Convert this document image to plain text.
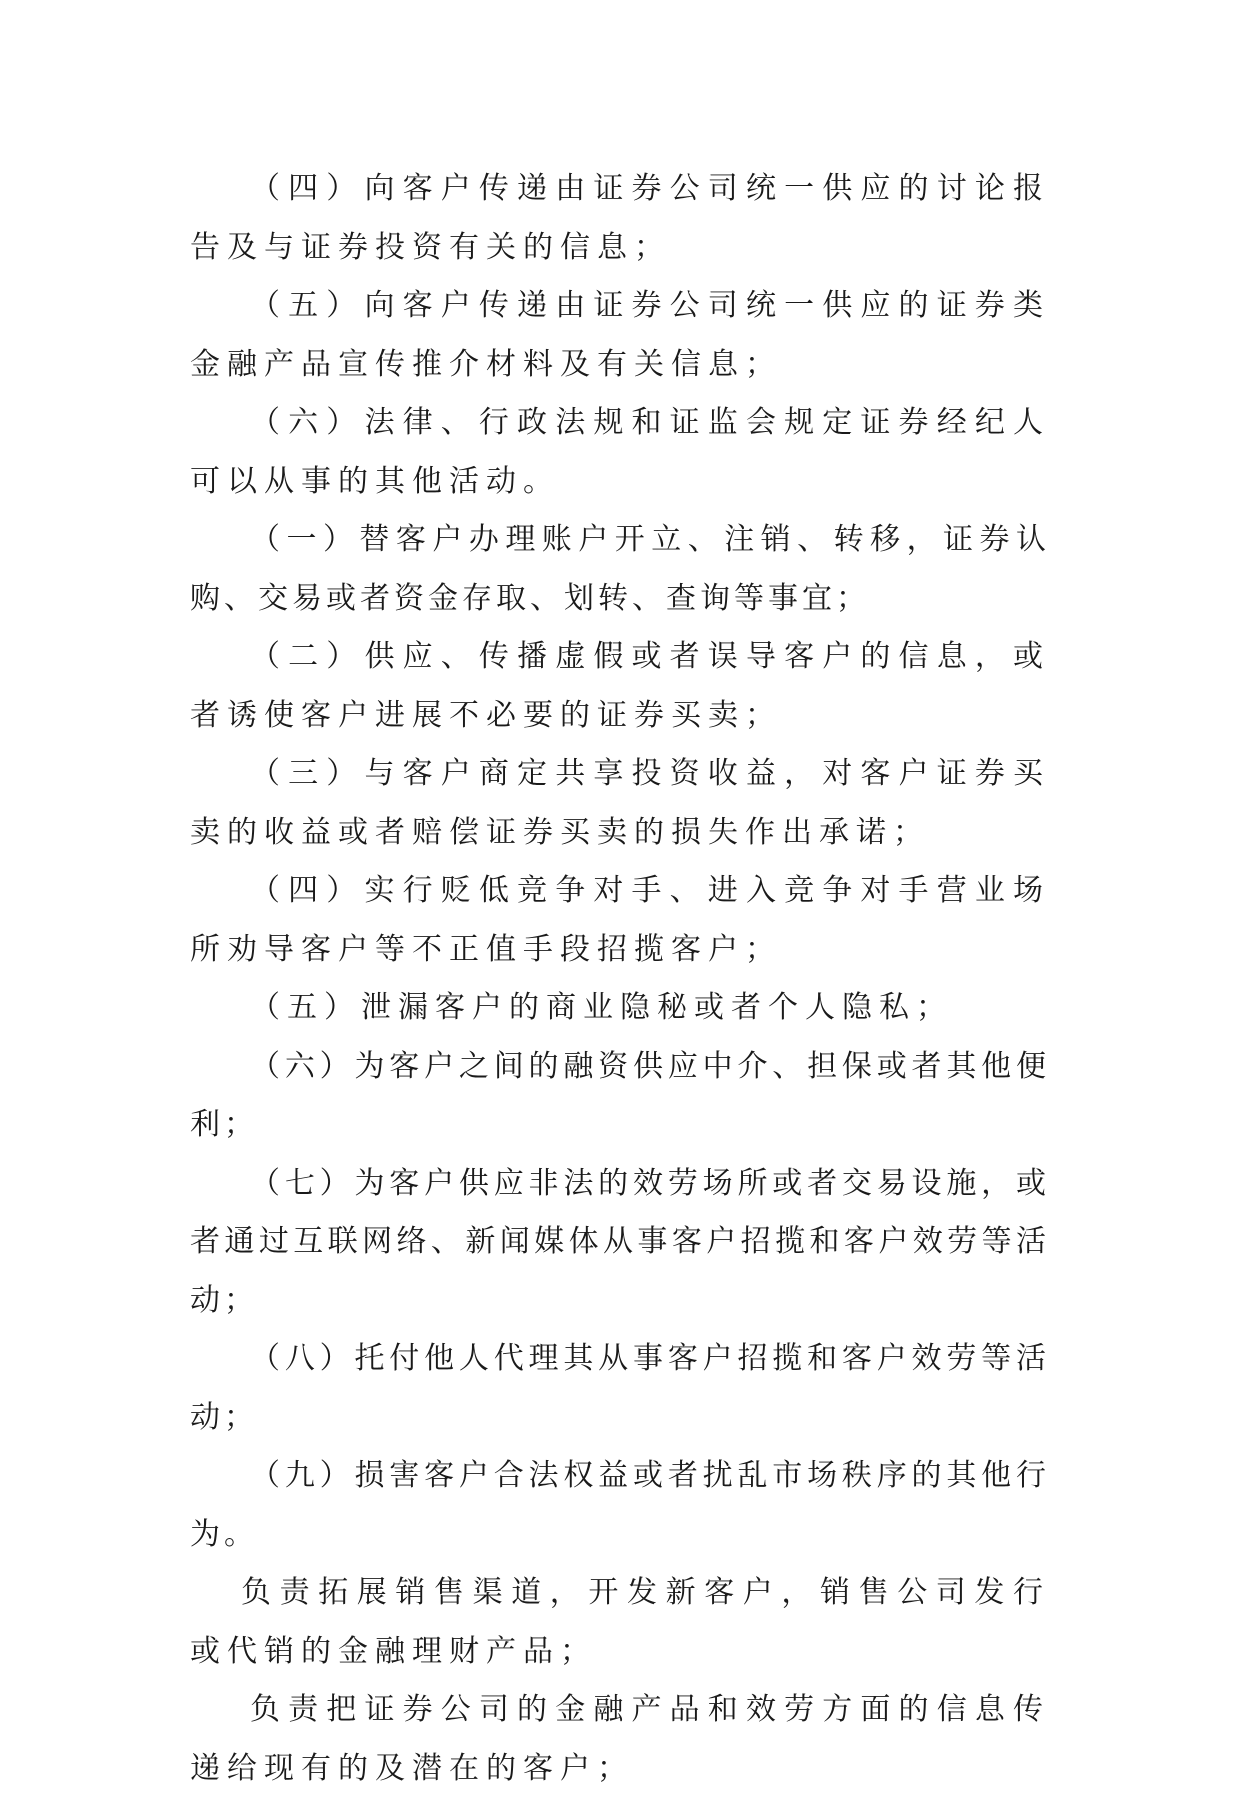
（四）向客户传递由证券公司统一供应的讨论报告及与证券投资有关的信息；

（五）向客户传递由证券公司统一供应的证券类金融产品宣传推介材料及有关信息；

（六）法律、行政法规和证监会规定证券经纪人可以从事的其他活动。

（一）替客户办理账户开立、注销、转移，证券认购、交易或者资金存取、划转、查询等事宜；

（二）供应、传播虚假或者误导客户的信息，或者诱使客户进展不必要的证券买卖；

（三）与客户商定共享投资收益，对客户证券买卖的收益或者赔偿证券买卖的损失作出承诺；

（四）实行贬低竞争对手、进入竞争对手营业场所劝导客户等不正值手段招揽客户；

（五）泄漏客户的商业隐秘或者个人隐私；

（六）为客户之间的融资供应中介、担保或者其他便利；

（七）为客户供应非法的效劳场所或者交易设施，或者通过互联网络、新闻媒体从事客户招揽和客户效劳等活动；

（八）托付他人代理其从事客户招揽和客户效劳等活动；

（九）损害客户合法权益或者扰乱市场秩序的其他行为。

负责拓展销售渠道，开发新客户，销售公司发行或代销的金融理财产品；

负责把证券公司的金融产品和效劳方面的信息传递给现有的及潜在的客户；
